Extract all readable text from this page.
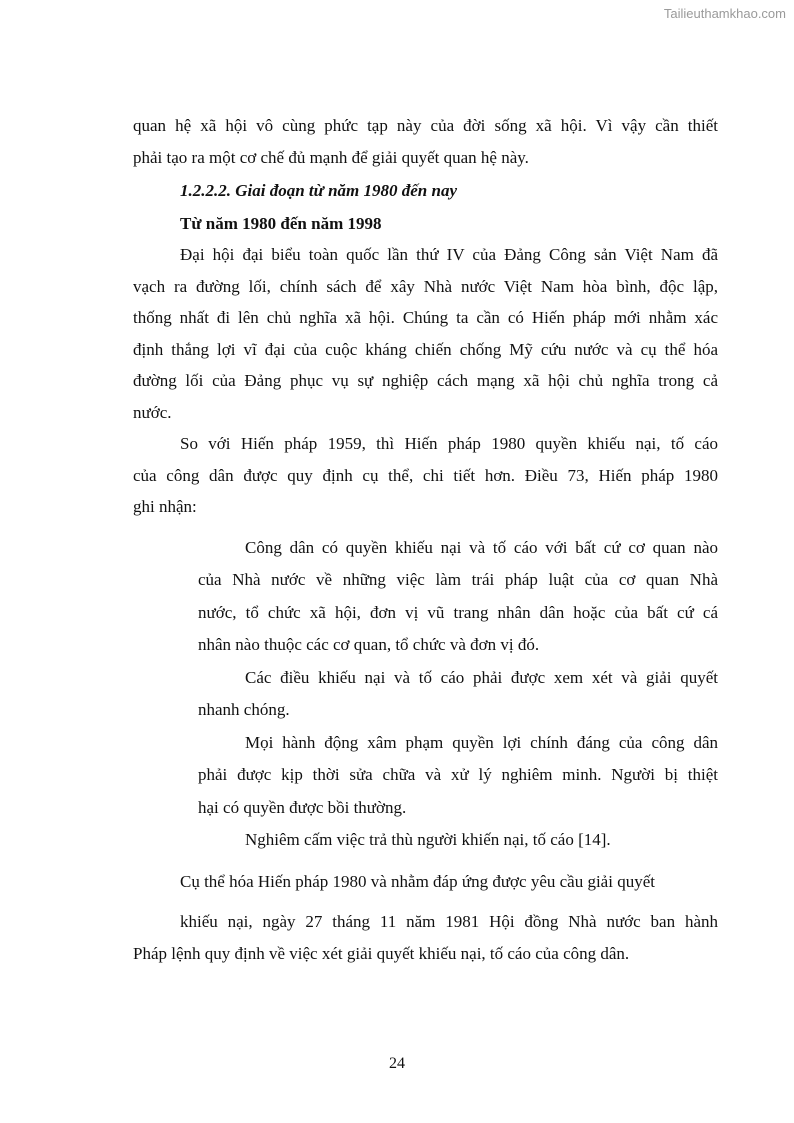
Tailieuthamkhao.com

quan hệ xã hội vô cùng phức tạp này của đời sống xã hội. Vì vậy cần thiết
phải tạo ra một cơ chế đủ mạnh để giải quyết quan hệ này.

1.2.2.2. Giai đoạn từ năm 1980 đến nay

Từ năm 1980 đến năm 1998

Đại hội đại biểu toàn quốc lần thứ IV của Đảng Công sản Việt Nam đã
vạch ra đường lối, chính sách để xây Nhà nước Việt Nam hòa bình, độc lập,
thống nhất đi lên chủ nghĩa xã hội. Chúng ta cần có Hiến pháp mới nhằm xác
định thắng lợi vĩ đại của cuộc kháng chiến chống Mỹ cứu nước và cụ thể hóa
đường lối của Đảng phục vụ sự nghiệp cách mạng xã hội chủ nghĩa trong cả
nước.

So với Hiến pháp 1959, thì Hiến pháp 1980 quyền khiếu nại, tố cáo
của công dân được quy định cụ thể, chi tiết hơn. Điều 73, Hiến pháp 1980
ghi nhận:

Công dân có quyền khiếu nại và tố cáo với bất cứ cơ quan nào
của Nhà nước về những việc làm trái pháp luật của cơ quan Nhà
nước, tổ chức xã hội, đơn vị vũ trang nhân dân hoặc của bất cứ cá
nhân nào thuộc các cơ quan, tổ chức và đơn vị đó.

Các điều khiếu nại và tố cáo phải được xem xét và giải quyết
nhanh chóng.

Mọi hành động xâm phạm quyền lợi chính đáng của công dân
phải được kịp thời sửa chữa và xử lý nghiêm minh. Người bị thiệt
hại có quyền được bồi thường.

Nghiêm cấm việc trả thù người khiến nại, tố cáo [14].

Cụ thể hóa Hiến pháp 1980 và nhằm đáp ứng được yêu cầu giải quyết

khiếu nại, ngày 27 tháng 11 năm 1981 Hội đồng Nhà nước ban hành
Pháp lệnh quy định về việc xét giải quyết khiếu nại, tố cáo của công dân.

24
